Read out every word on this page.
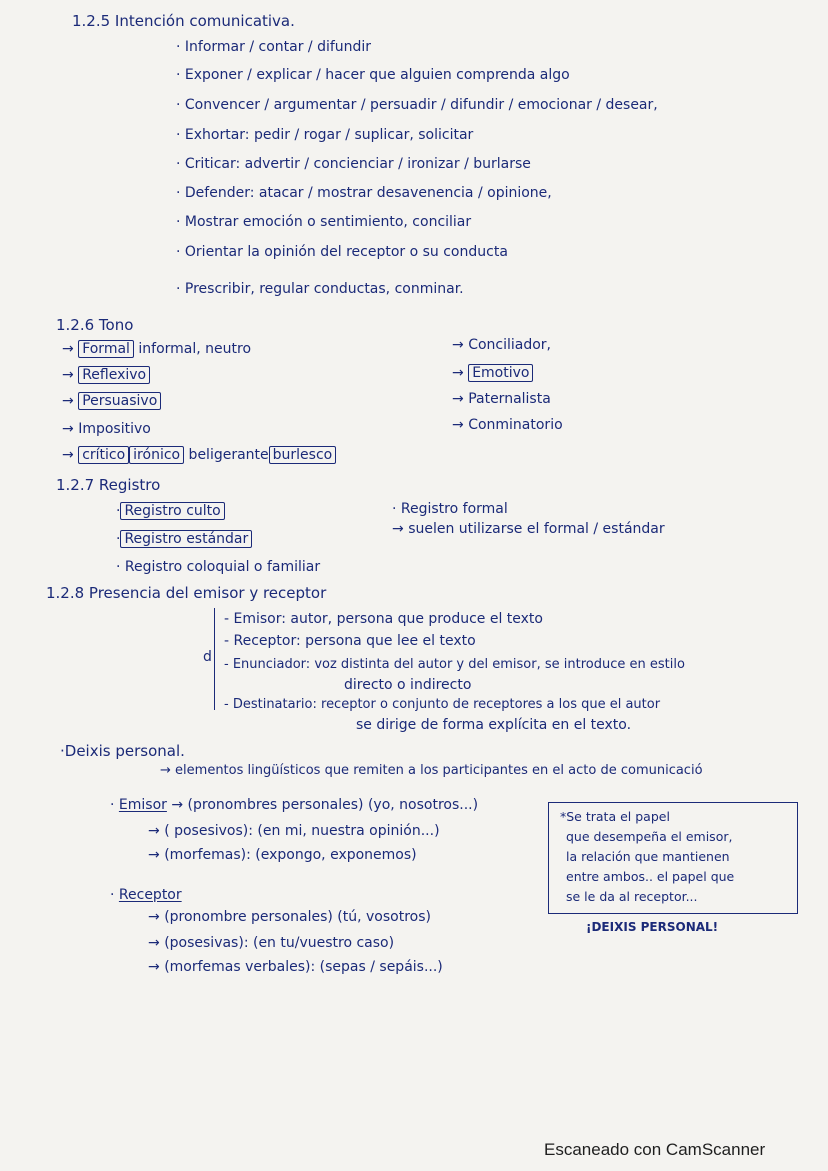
1.2.5 Intención comunicativa.
· Informar / contar / difundir
· Exponer / explicar / hacer que alguien comprenda algo
· Convencer / argumentar / persuadir / difundir / emocionar / desear,
· Exhortar: pedir / rogar / suplicar, solicitar
· Criticar: advertir / concienciar / ironizar / burlarse
· Defender: atacar / mostrar desavenencia / opinione,
· Mostrar emoción o sentimiento, conciliar
· Orientar la opinión del receptor o su conducta
· Prescribir, regular conductas, conminar.
1.2.6 Tono
→ Formal informal, neutro
→ Reflexivo
→ Persuasivo
→ Impositivo
→ crítico irónico beligerante burlesco
→ Conciliador,
→ Emotivo
→ Paternalista
→ Conminatorio
1.2.7 Registro
· Registro culto
· Registro estándar
· Registro coloquial o familiar
· Registro formal
→ suelen utilizarse el formal / estándar
1.2.8 Presencia del emisor y receptor
d
- Emisor: autor, persona que produce el texto
- Receptor: persona que lee el texto
- Enunciador: voz distinta del autor y del emisor, se introduce en estilo
directo o indirecto
- Destinatario: receptor o conjunto de receptores a los que el autor
se dirige de forma explícita en el texto.
·Deixis personal.
→ elementos lingüísticos que remiten a los participantes en el acto de comunicació
· Emisor → (pronombres personales) (yo, nosotros...)
→ ( posesivos): (en mi, nuestra opinión...)
→ (morfemas): (expongo, exponemos)
· Receptor
→ (pronombre personales) (tú, vosotros)
→ (posesivas): (en tu/vuestro caso)
→ (morfemas verbales): (sepas / sepáis...)
*Se trata el papel
que desempeña el emisor,
la relación que mantienen
entre ambos.. el papel que
se le da al receptor...
¡DEIXIS PERSONAL!
Escaneado con CamScanner
